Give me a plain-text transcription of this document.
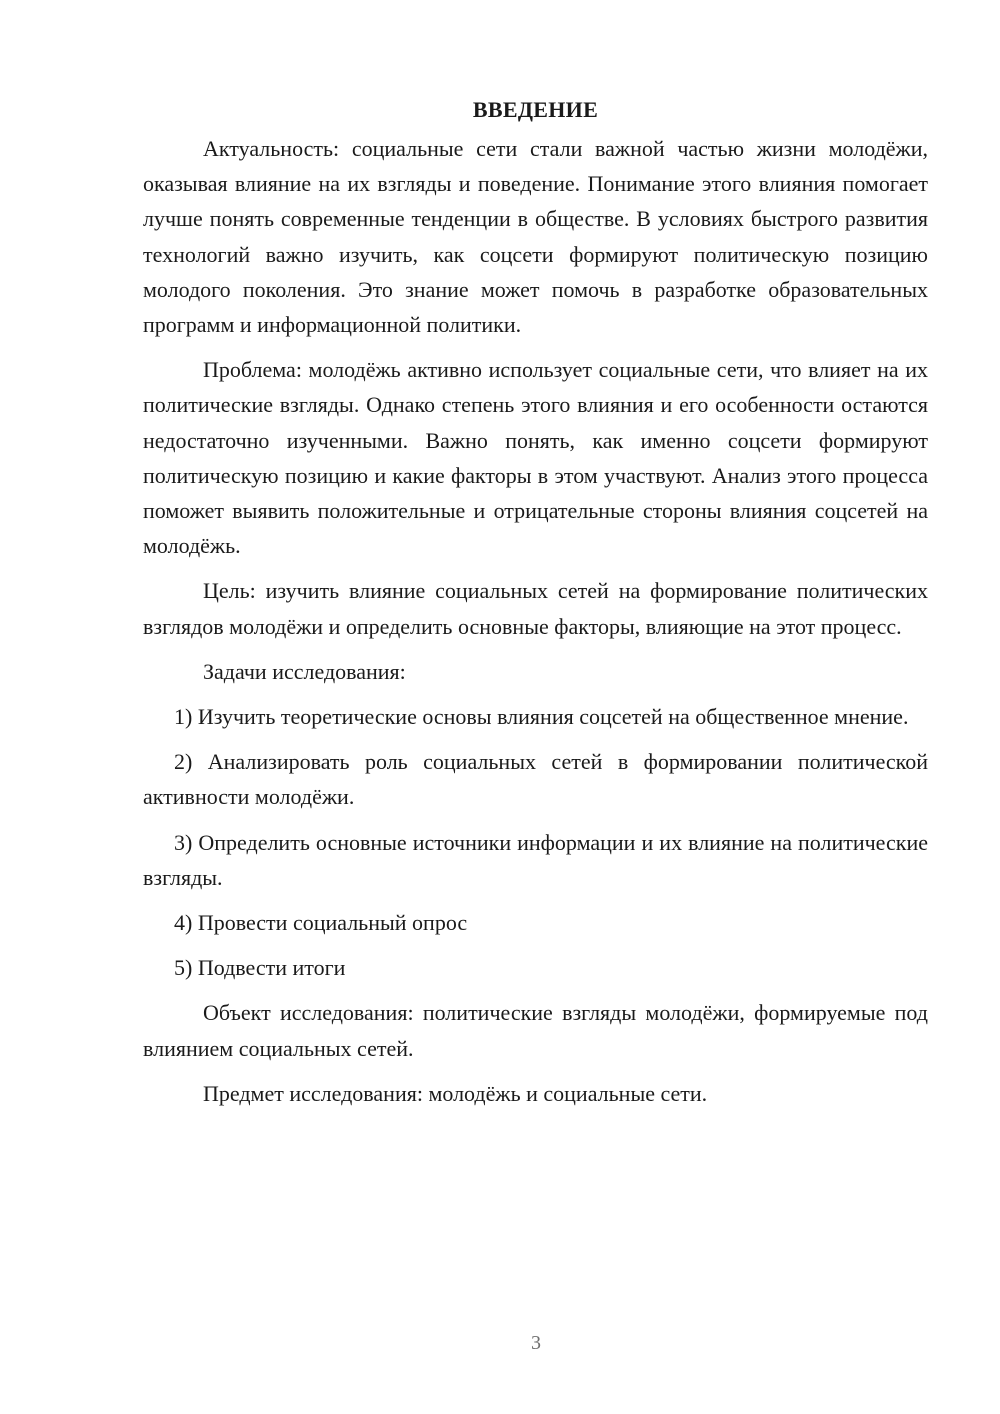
ВВЕДЕНИЕ

Актуальность: социальные сети стали важной частью жизни молодёжи, оказывая влияние на их взгляды и поведение. Понимание этого влияния помогает лучше понять современные тенденции в обществе. В условиях быстрого развития технологий важно изучить, как соцсети формируют политическую позицию молодого поколения. Это знание может помочь в разработке образовательных программ и информационной политики.

Проблема: молодёжь активно использует социальные сети, что влияет на их политические взгляды. Однако степень этого влияния и его особенности остаются недостаточно изученными. Важно понять, как именно соцсети формируют политическую позицию и какие факторы в этом участвуют. Анализ этого процесса поможет выявить положительные и отрицательные стороны влияния соцсетей на молодёжь.

Цель: изучить влияние социальных сетей на формирование политических взглядов молодёжи и определить основные факторы, влияющие на этот процесс.

Задачи исследования:

1) Изучить теоретические основы влияния соцсетей на общественное мнение.

2) Анализировать роль социальных сетей в формировании политической активности молодёжи.

3) Определить основные источники информации и их влияние на политические взгляды.

4) Провести социальный опрос

5) Подвести итоги

Объект исследования: политические взгляды молодёжи, формируемые под влиянием социальных сетей.

Предмет исследования: молодёжь и социальные сети.

3
